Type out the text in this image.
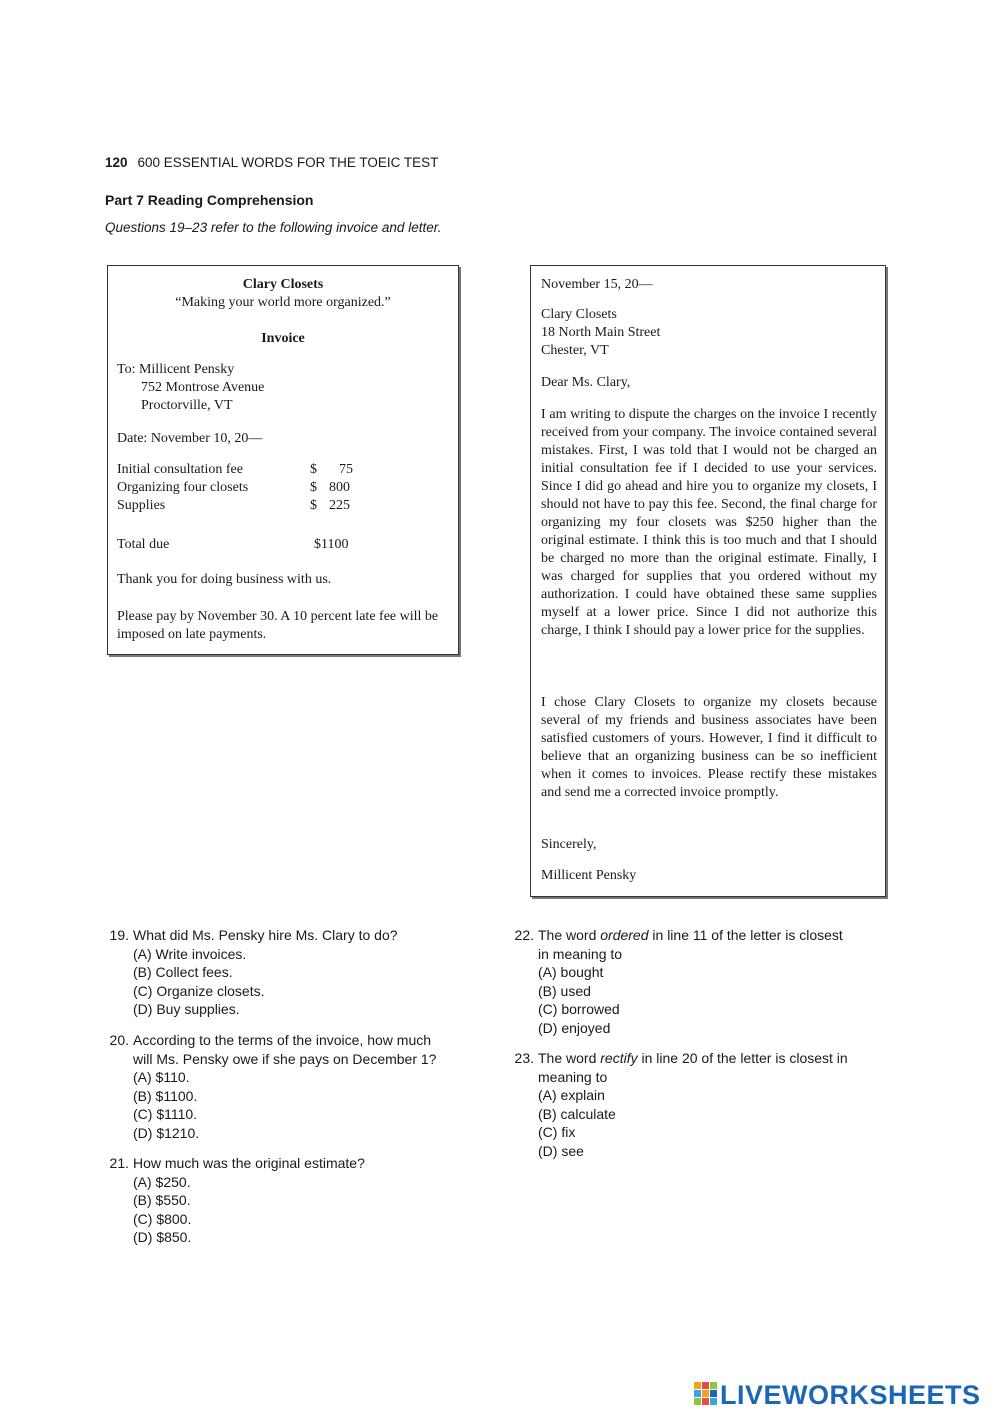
120 600 ESSENTIAL WORDS FOR THE TOEIC TEST
Part 7 Reading Comprehension
Questions 19–23 refer to the following invoice and letter.
Clary Closets
“Making your world more organized.”
Invoice
To: Millicent Pensky
752 Montrose Avenue
Proctorville, VT
Date: November 10, 20—
Initial consultation fee	$ 75
Organizing four closets	$ 800
Supplies	$ 225
Total due	$1100
Thank you for doing business with us.
Please pay by November 30. A 10 percent late fee will be imposed on late payments.
November 15, 20—
Clary Closets
18 North Main Street
Chester, VT
Dear Ms. Clary,
I am writing to dispute the charges on the invoice I recently received from your company. The invoice contained several mistakes. First, I was told that I would not be charged an initial consultation fee if I decided to use your services. Since I did go ahead and hire you to organize my closets, I should not have to pay this fee. Second, the final charge for organizing my four closets was $250 higher than the original estimate. I think this is too much and that I should be charged no more than the original estimate. Finally, I was charged for supplies that you ordered without my authorization. I could have obtained these same supplies myself at a lower price. Since I did not authorize this charge, I think I should pay a lower price for the supplies.
I chose Clary Closets to organize my closets because several of my friends and business associates have been satisfied customers of yours. However, I find it difficult to believe that an organizing business can be so inefficient when it comes to invoices. Please rectify these mistakes and send me a corrected invoice promptly.
Sincerely,
Millicent Pensky
19. What did Ms. Pensky hire Ms. Clary to do?
(A) Write invoices.
(B) Collect fees.
(C) Organize closets.
(D) Buy supplies.
20. According to the terms of the invoice, how much
will Ms. Pensky owe if she pays on December 1?
(A) $110.
(B) $1100.
(C) $1110.
(D) $1210.
21. How much was the original estimate?
(A) $250.
(B) $550.
(C) $800.
(D) $850.
22. The word ordered in line 11 of the letter is closest
in meaning to
(A) bought
(B) used
(C) borrowed
(D) enjoyed
23. The word rectify in line 20 of the letter is closest in
meaning to
(A) explain
(B) calculate
(C) fix
(D) see
LIVEWORKSHEETS
